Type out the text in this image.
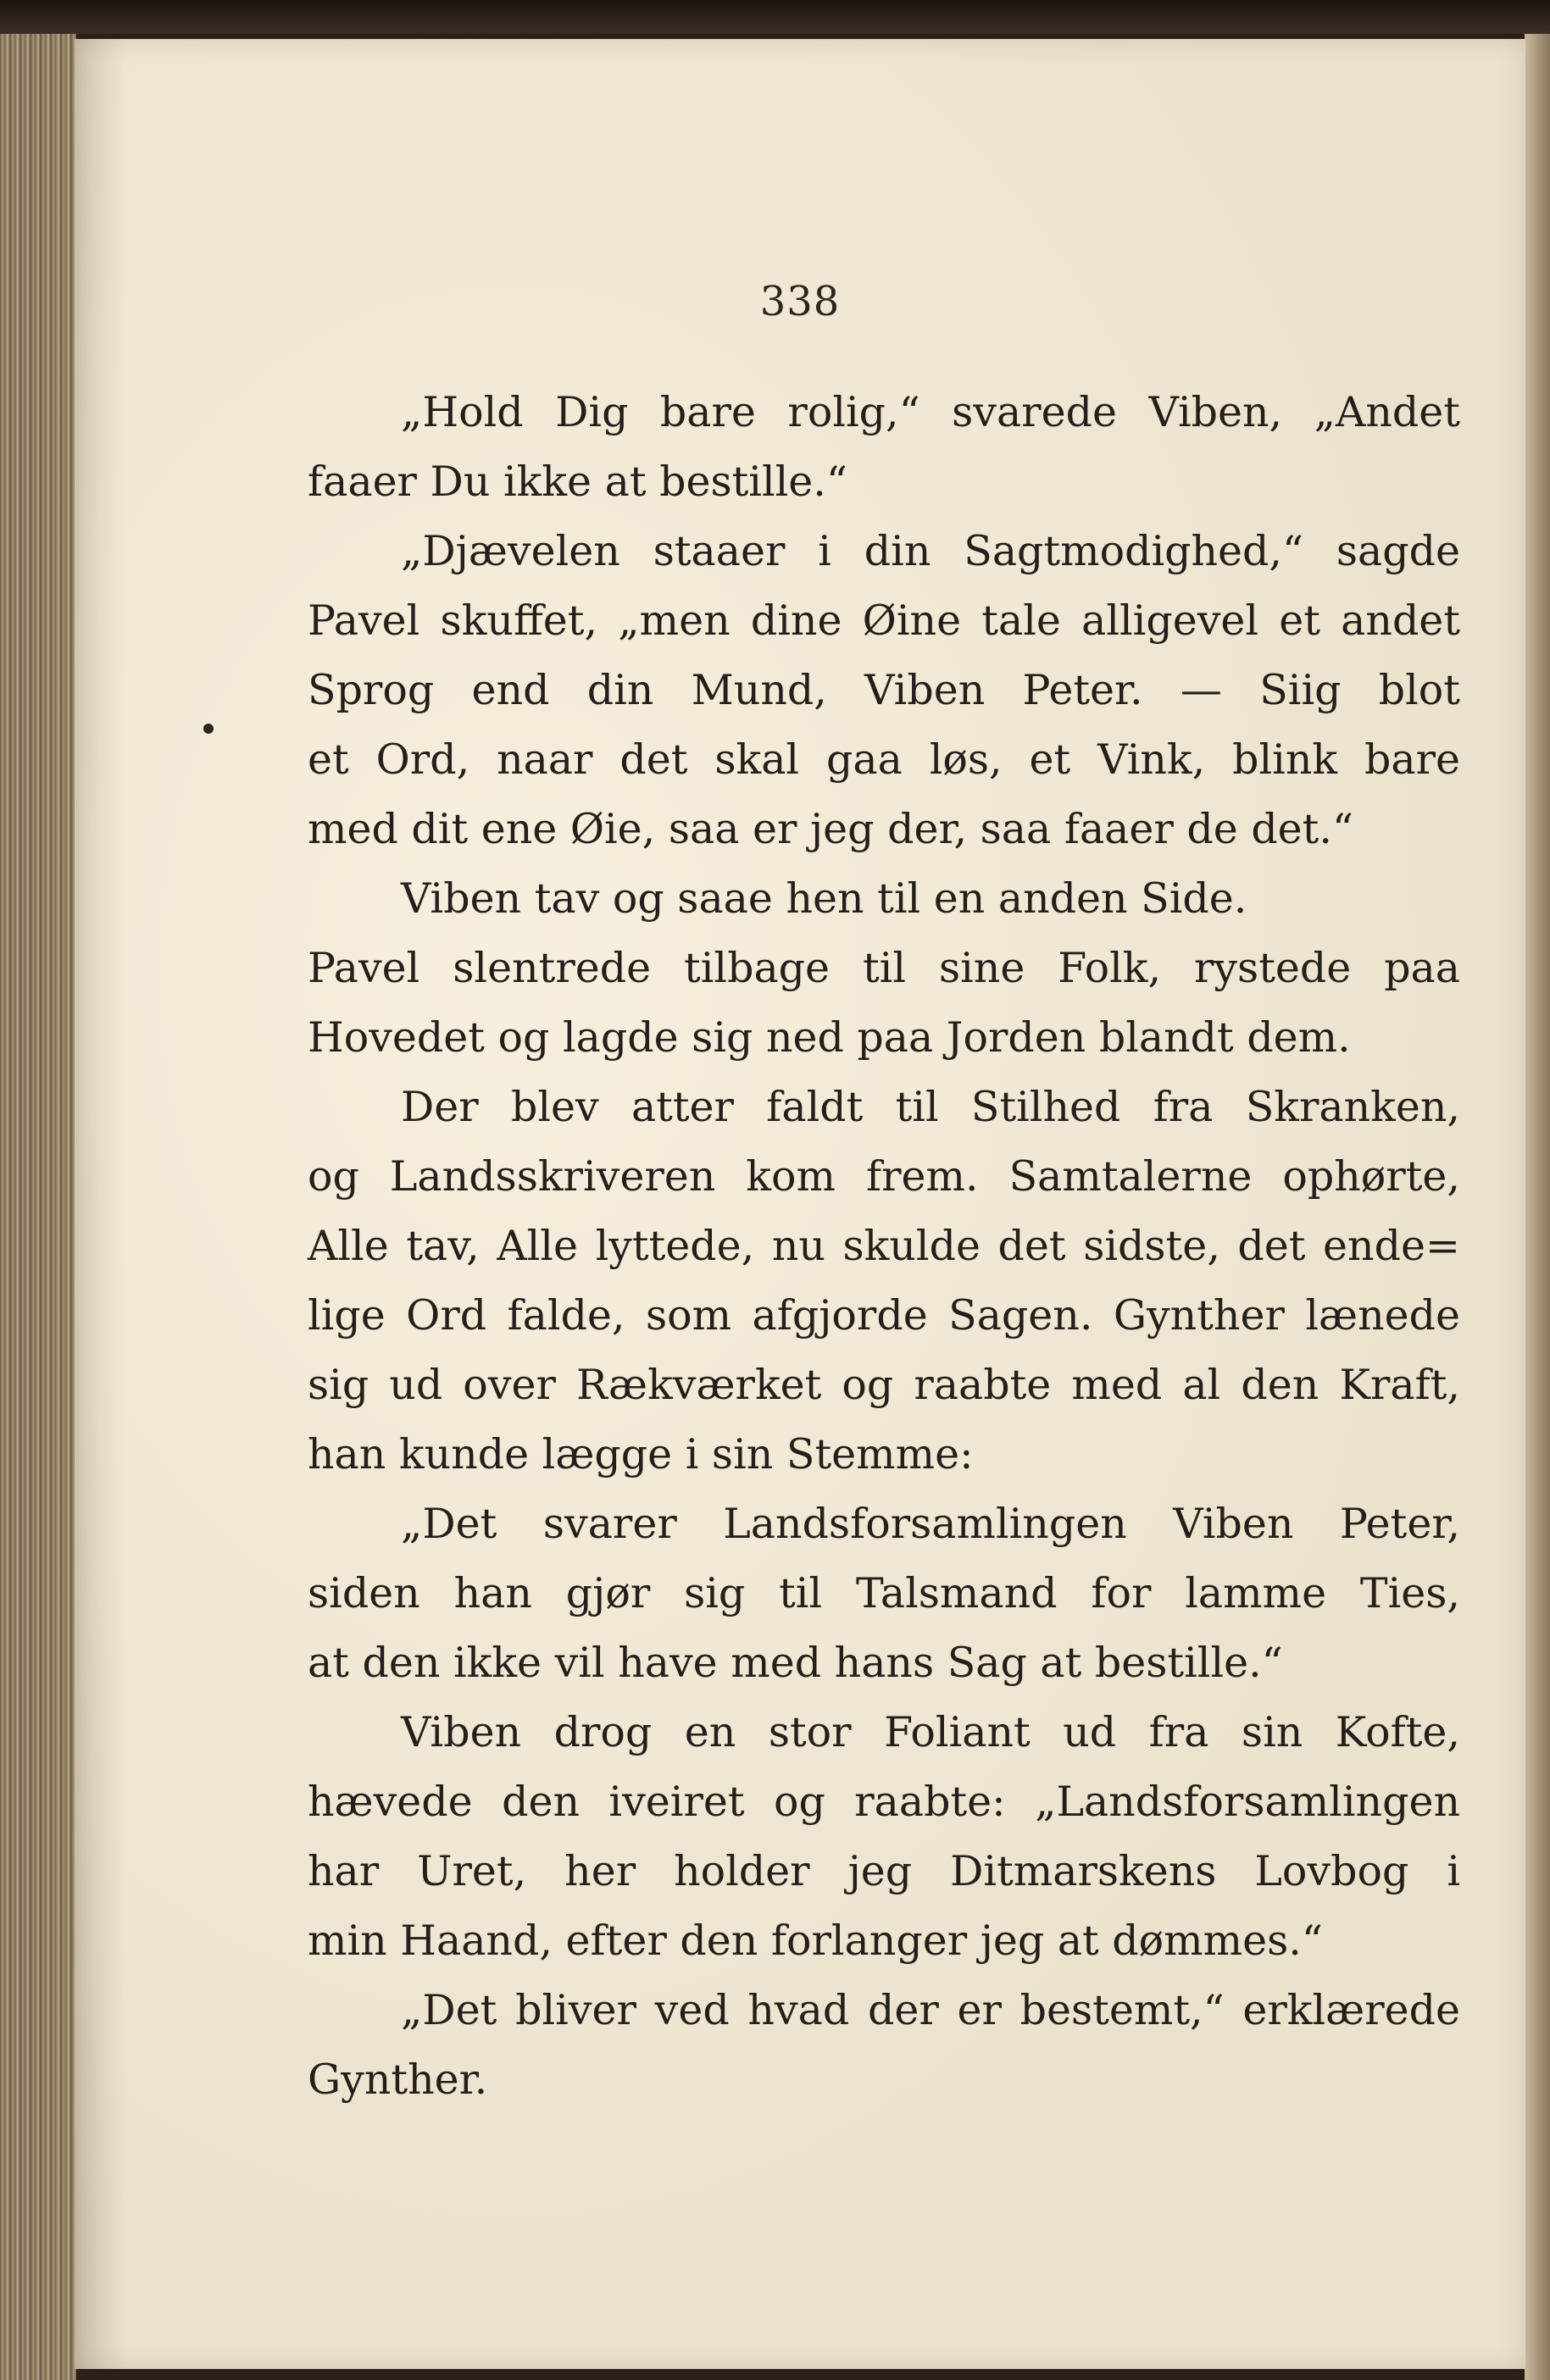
338
„Hold Dig bare rolig,“ svarede Viben, „Andet
faaer Du ikke at bestille.“
„Djævelen staaer i din Sagtmodighed,“ sagde
Pavel skuffet, „men dine Øine tale alligevel et andet
Sprog end din Mund, Viben Peter. — Siig blot
et Ord, naar det skal gaa løs, et Vink, blink bare
med dit ene Øie, saa er jeg der, saa faaer de det.“
Viben tav og saae hen til en anden Side.
Pavel slentrede tilbage til sine Folk, rystede paa
Hovedet og lagde sig ned paa Jorden blandt dem.
Der blev atter faldt til Stilhed fra Skranken,
og Landsskriveren kom frem. Samtalerne ophørte,
Alle tav, Alle lyttede, nu skulde det sidste, det ende=
lige Ord falde, som afgjorde Sagen. Gynther lænede
sig ud over Rækværket og raabte med al den Kraft,
han kunde lægge i sin Stemme:
„Det svarer Landsforsamlingen Viben Peter,
siden han gjør sig til Talsmand for lamme Ties,
at den ikke vil have med hans Sag at bestille.“
Viben drog en stor Foliant ud fra sin Kofte,
hævede den iveiret og raabte: „Landsforsamlingen
har Uret, her holder jeg Ditmarskens Lovbog i
min Haand, efter den forlanger jeg at dømmes.“
„Det bliver ved hvad der er bestemt,“ erklærede
Gynther.
